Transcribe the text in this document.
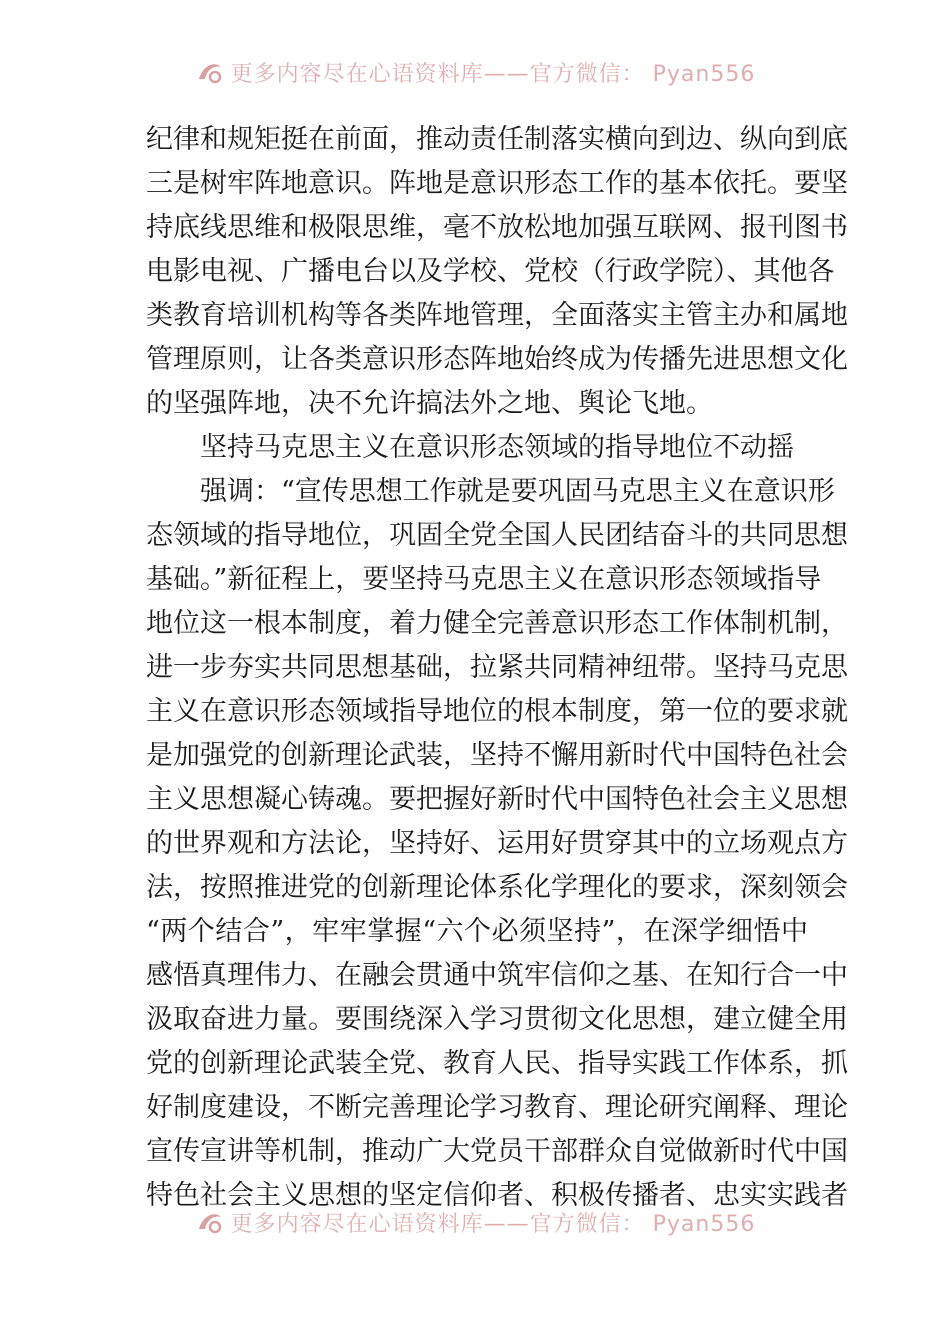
更多内容尽在心语资料库——官方微信： Pyan556
纪律和规矩挺在前面，推动责任制落实横向到边、纵向到底
三是树牢阵地意识。阵地是意识形态工作的基本依托。要坚
持底线思维和极限思维，毫不放松地加强互联网、报刊图书
电影电视、广播电台以及学校、党校（行政学院）、其他各
类教育培训机构等各类阵地管理，全面落实主管主办和属地
管理原则，让各类意识形态阵地始终成为传播先进思想文化
的坚强阵地，决不允许搞法外之地、舆论飞地。
坚持马克思主义在意识形态领域的指导地位不动摇
强调：“宣传思想工作就是要巩固马克思主义在意识形
态领域的指导地位，巩固全党全国人民团结奋斗的共同思想
基础。”新征程上，要坚持马克思主义在意识形态领域指导
地位这一根本制度，着力健全完善意识形态工作体制机制，
进一步夯实共同思想基础，拉紧共同精神纽带。坚持马克思
主义在意识形态领域指导地位的根本制度，第一位的要求就
是加强党的创新理论武装，坚持不懈用新时代中国特色社会
主义思想凝心铸魂。要把握好新时代中国特色社会主义思想
的世界观和方法论，坚持好、运用好贯穿其中的立场观点方
法，按照推进党的创新理论体系化学理化的要求，深刻领会
“两个结合”，牢牢掌握“六个必须坚持”，在深学细悟中
感悟真理伟力、在融会贯通中筑牢信仰之基、在知行合一中
汲取奋进力量。要围绕深入学习贯彻文化思想，建立健全用
党的创新理论武装全党、教育人民、指导实践工作体系，抓
好制度建设，不断完善理论学习教育、理论研究阐释、理论
宣传宣讲等机制，推动广大党员干部群众自觉做新时代中国
特色社会主义思想的坚定信仰者、积极传播者、忠实实践者
更多内容尽在心语资料库——官方微信： Pyan556
